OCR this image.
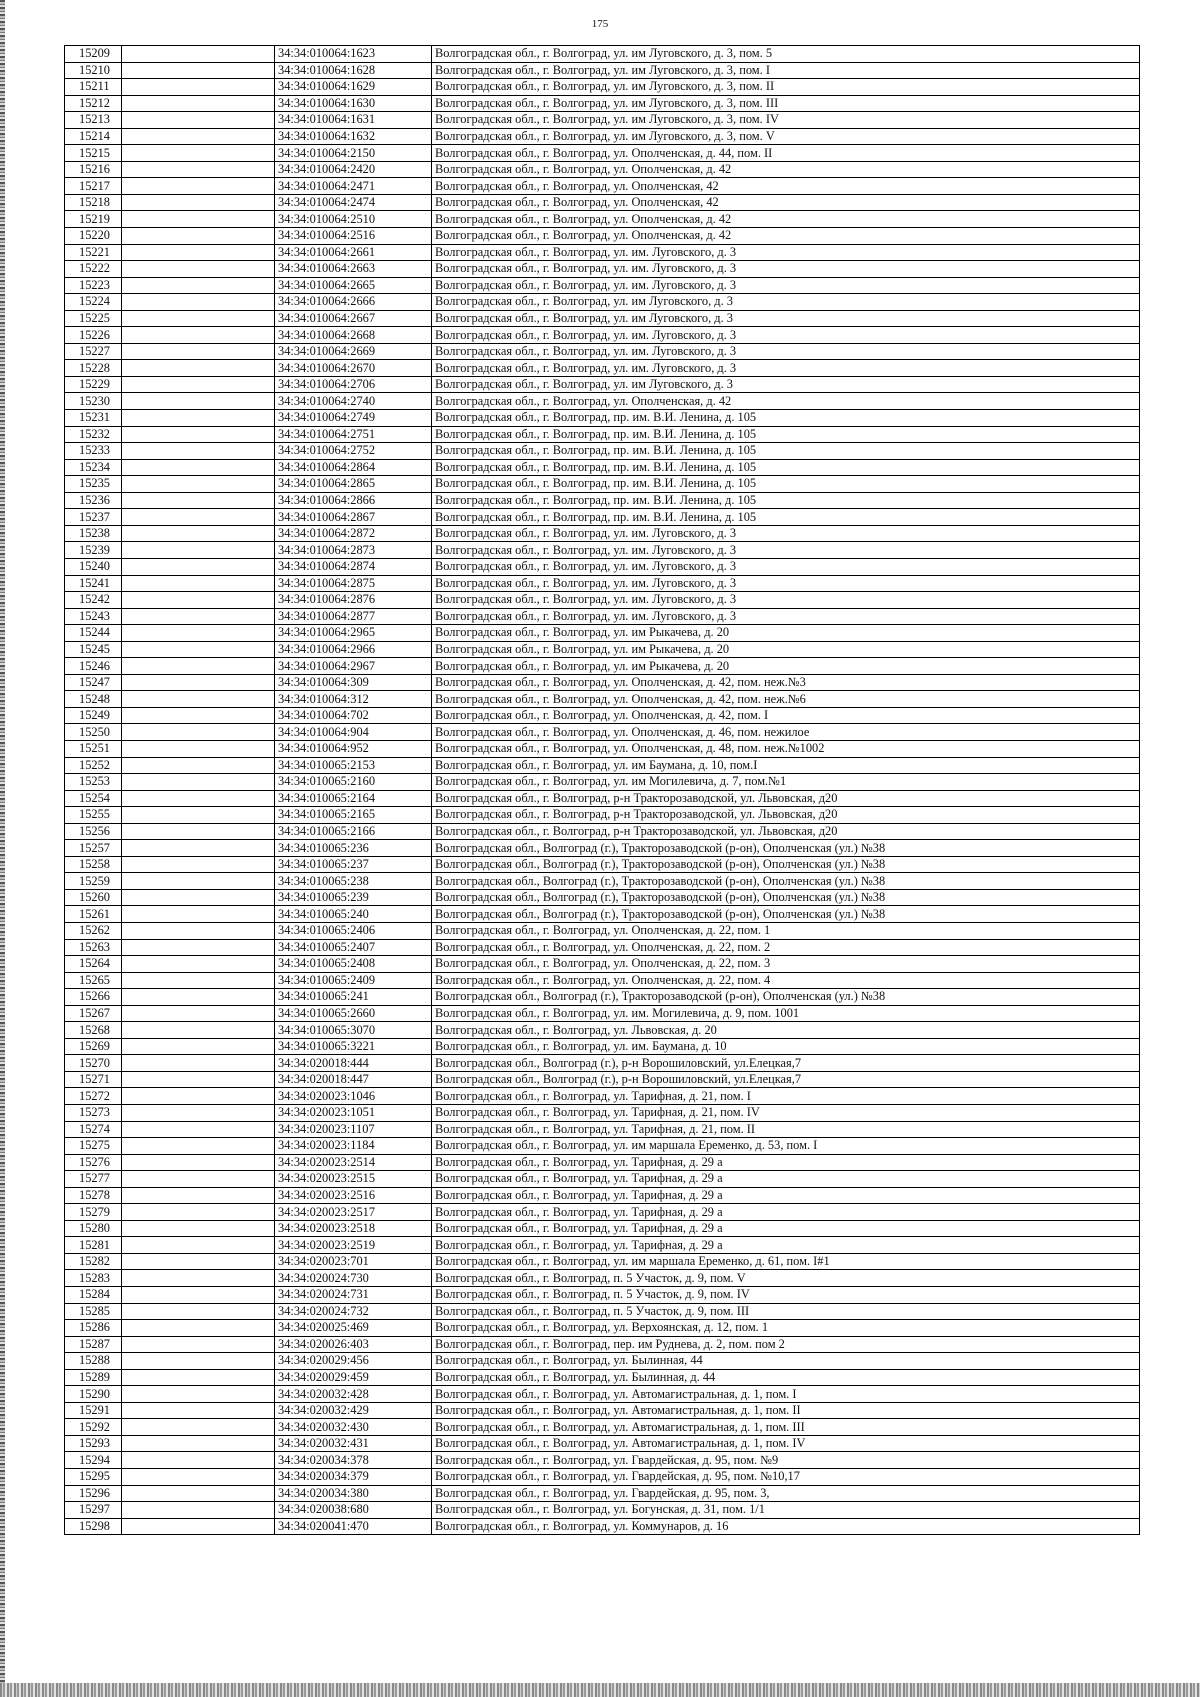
175
15209		34:34:010064:1623	Волгоградская обл., г. Волгоград, ул. им Луговского, д. 3, пом. 5
15210		34:34:010064:1628	Волгоградская обл., г. Волгоград, ул. им Луговского, д. 3, пом. I
15211		34:34:010064:1629	Волгоградская обл., г. Волгоград, ул. им Луговского, д. 3, пом. II
15212		34:34:010064:1630	Волгоградская обл., г. Волгоград, ул. им Луговского, д. 3, пом. III
15213		34:34:010064:1631	Волгоградская обл., г. Волгоград, ул. им Луговского, д. 3, пом. IV
15214		34:34:010064:1632	Волгоградская обл., г. Волгоград, ул. им Луговского, д. 3, пом. V
15215		34:34:010064:2150	Волгоградская обл., г. Волгоград, ул. Ополченская, д. 44, пом. II
15216		34:34:010064:2420	Волгоградская обл., г. Волгоград, ул. Ополченская, д. 42
15217		34:34:010064:2471	Волгоградская обл., г. Волгоград, ул. Ополченская, 42
15218		34:34:010064:2474	Волгоградская обл., г. Волгоград, ул. Ополченская, 42
15219		34:34:010064:2510	Волгоградская обл., г. Волгоград, ул. Ополченская, д. 42
15220		34:34:010064:2516	Волгоградская обл., г. Волгоград, ул. Ополченская, д. 42
15221		34:34:010064:2661	Волгоградская обл., г. Волгоград, ул. им. Луговского, д. 3
15222		34:34:010064:2663	Волгоградская обл., г. Волгоград, ул. им. Луговского, д. 3
15223		34:34:010064:2665	Волгоградская обл., г. Волгоград, ул. им. Луговского, д. 3
15224		34:34:010064:2666	Волгоградская обл., г. Волгоград, ул. им Луговского, д. 3
15225		34:34:010064:2667	Волгоградская обл., г. Волгоград, ул. им Луговского, д. 3
15226		34:34:010064:2668	Волгоградская обл., г. Волгоград, ул. им. Луговского, д. 3
15227		34:34:010064:2669	Волгоградская обл., г. Волгоград, ул. им. Луговского, д. 3
15228		34:34:010064:2670	Волгоградская обл., г. Волгоград, ул. им. Луговского, д. 3
15229		34:34:010064:2706	Волгоградская обл., г. Волгоград, ул. им Луговского, д. 3
15230		34:34:010064:2740	Волгоградская обл., г. Волгоград, ул. Ополченская, д. 42
15231		34:34:010064:2749	Волгоградская обл., г. Волгоград, пр. им. В.И. Ленина, д. 105
15232		34:34:010064:2751	Волгоградская обл., г. Волгоград, пр. им. В.И. Ленина, д. 105
15233		34:34:010064:2752	Волгоградская обл., г. Волгоград, пр. им. В.И. Ленина, д. 105
15234		34:34:010064:2864	Волгоградская обл., г. Волгоград, пр. им. В.И. Ленина, д. 105
15235		34:34:010064:2865	Волгоградская обл., г. Волгоград, пр. им. В.И. Ленина, д. 105
15236		34:34:010064:2866	Волгоградская обл., г. Волгоград, пр. им. В.И. Ленина, д. 105
15237		34:34:010064:2867	Волгоградская обл., г. Волгоград, пр. им. В.И. Ленина, д. 105
15238		34:34:010064:2872	Волгоградская обл., г. Волгоград, ул. им. Луговского, д. 3
15239		34:34:010064:2873	Волгоградская обл., г. Волгоград, ул. им. Луговского, д. 3
15240		34:34:010064:2874	Волгоградская обл., г. Волгоград, ул. им. Луговского, д. 3
15241		34:34:010064:2875	Волгоградская обл., г. Волгоград, ул. им. Луговского, д. 3
15242		34:34:010064:2876	Волгоградская обл., г. Волгоград, ул. им. Луговского, д. 3
15243		34:34:010064:2877	Волгоградская обл., г. Волгоград, ул. им. Луговского, д. 3
15244		34:34:010064:2965	Волгоградская обл., г. Волгоград, ул. им Рыкачева, д. 20
15245		34:34:010064:2966	Волгоградская обл., г. Волгоград, ул. им Рыкачева, д. 20
15246		34:34:010064:2967	Волгоградская обл., г. Волгоград, ул. им Рыкачева, д. 20
15247		34:34:010064:309	Волгоградская обл., г. Волгоград, ул. Ополченская, д. 42, пом. неж.№3
15248		34:34:010064:312	Волгоградская обл., г. Волгоград, ул. Ополченская, д. 42, пом. неж.№6
15249		34:34:010064:702	Волгоградская обл., г. Волгоград, ул. Ополченская, д. 42, пом. I
15250		34:34:010064:904	Волгоградская обл., г. Волгоград, ул. Ополченская, д. 46, пом. нежилое
15251		34:34:010064:952	Волгоградская обл., г. Волгоград, ул. Ополченская, д. 48, пом. неж.№1002
15252		34:34:010065:2153	Волгоградская обл., г. Волгоград, ул. им Баумана, д. 10, пом.I
15253		34:34:010065:2160	Волгоградская обл., г. Волгоград, ул. им Могилевича, д. 7, пом.№1
15254		34:34:010065:2164	Волгоградская обл., г. Волгоград, р-н Тракторозаводской, ул. Львовская, д20
15255		34:34:010065:2165	Волгоградская обл., г. Волгоград, р-н Тракторозаводской, ул. Львовская, д20
15256		34:34:010065:2166	Волгоградская обл., г. Волгоград, р-н Тракторозаводской, ул. Львовская, д20
15257		34:34:010065:236	Волгоградская обл., Волгоград (г.), Тракторозаводской (р-он), Ополченская (ул.) №38
15258		34:34:010065:237	Волгоградская обл., Волгоград (г.), Тракторозаводской (р-он), Ополченская (ул.) №38
15259		34:34:010065:238	Волгоградская обл., Волгоград (г.), Тракторозаводской (р-он), Ополченская (ул.) №38
15260		34:34:010065:239	Волгоградская обл., Волгоград (г.), Тракторозаводской (р-он), Ополченская (ул.) №38
15261		34:34:010065:240	Волгоградская обл., Волгоград (г.), Тракторозаводской (р-он), Ополченская (ул.) №38
15262		34:34:010065:2406	Волгоградская обл., г. Волгоград, ул. Ополченская, д. 22, пом. 1
15263		34:34:010065:2407	Волгоградская обл., г. Волгоград, ул. Ополченская, д. 22, пом. 2
15264		34:34:010065:2408	Волгоградская обл., г. Волгоград, ул. Ополченская, д. 22, пом. 3
15265		34:34:010065:2409	Волгоградская обл., г. Волгоград, ул. Ополченская, д. 22, пом. 4
15266		34:34:010065:241	Волгоградская обл., Волгоград (г.), Тракторозаводской (р-он), Ополченская (ул.) №38
15267		34:34:010065:2660	Волгоградская обл., г. Волгоград, ул. им. Могилевича, д. 9, пом. 1001
15268		34:34:010065:3070	Волгоградская обл., г. Волгоград, ул. Львовская, д. 20
15269		34:34:010065:3221	Волгоградская обл., г. Волгоград, ул. им. Баумана, д. 10
15270		34:34:020018:444	Волгоградская обл., Волгоград (г.), р-н Ворошиловский, ул.Елецкая,7
15271		34:34:020018:447	Волгоградская обл., Волгоград (г.), р-н Ворошиловский, ул.Елецкая,7
15272		34:34:020023:1046	Волгоградская обл., г. Волгоград, ул. Тарифная, д. 21, пом. I
15273		34:34:020023:1051	Волгоградская обл., г. Волгоград, ул. Тарифная, д. 21, пом. IV
15274		34:34:020023:1107	Волгоградская обл., г. Волгоград, ул. Тарифная, д. 21, пом. II
15275		34:34:020023:1184	Волгоградская обл., г. Волгоград, ул. им маршала Еременко, д. 53, пом. I
15276		34:34:020023:2514	Волгоградская обл., г. Волгоград, ул. Тарифная, д. 29 а
15277		34:34:020023:2515	Волгоградская обл., г. Волгоград, ул. Тарифная, д. 29 а
15278		34:34:020023:2516	Волгоградская обл., г. Волгоград, ул. Тарифная, д. 29 а
15279		34:34:020023:2517	Волгоградская обл., г. Волгоград, ул. Тарифная, д. 29 а
15280		34:34:020023:2518	Волгоградская обл., г. Волгоград, ул. Тарифная, д. 29 а
15281		34:34:020023:2519	Волгоградская обл., г. Волгоград, ул. Тарифная, д. 29 а
15282		34:34:020023:701	Волгоградская обл., г. Волгоград, ул. им маршала Еременко, д. 61, пом. I#1
15283		34:34:020024:730	Волгоградская обл., г. Волгоград, п. 5 Участок, д. 9, пом. V
15284		34:34:020024:731	Волгоградская обл., г. Волгоград, п. 5 Участок, д. 9, пом. IV
15285		34:34:020024:732	Волгоградская обл., г. Волгоград, п. 5 Участок, д. 9, пом. III
15286		34:34:020025:469	Волгоградская обл., г. Волгоград, ул. Верхоянская, д. 12, пом. 1
15287		34:34:020026:403	Волгоградская обл., г. Волгоград, пер. им Руднева, д. 2, пом. пом 2
15288		34:34:020029:456	Волгоградская обл., г. Волгоград, ул. Былинная, 44
15289		34:34:020029:459	Волгоградская обл., г. Волгоград, ул. Былинная, д. 44
15290		34:34:020032:428	Волгоградская обл., г. Волгоград, ул. Автомагистральная, д. 1, пом. I
15291		34:34:020032:429	Волгоградская обл., г. Волгоград, ул. Автомагистральная, д. 1, пом. II
15292		34:34:020032:430	Волгоградская обл., г. Волгоград, ул. Автомагистральная, д. 1, пом. III
15293		34:34:020032:431	Волгоградская обл., г. Волгоград, ул. Автомагистральная, д. 1, пом. IV
15294		34:34:020034:378	Волгоградская обл., г. Волгоград, ул. Гвардейская, д. 95, пом. №9
15295		34:34:020034:379	Волгоградская обл., г. Волгоград, ул. Гвардейская, д. 95, пом. №10,17
15296		34:34:020034:380	Волгоградская обл., г. Волгоград, ул. Гвардейская, д. 95, пом. 3,
15297		34:34:020038:680	Волгоградская обл., г. Волгоград, ул. Богунская, д. 31, пом. 1/1
15298		34:34:020041:470	Волгоградская обл., г. Волгоград, ул. Коммунаров, д. 16
